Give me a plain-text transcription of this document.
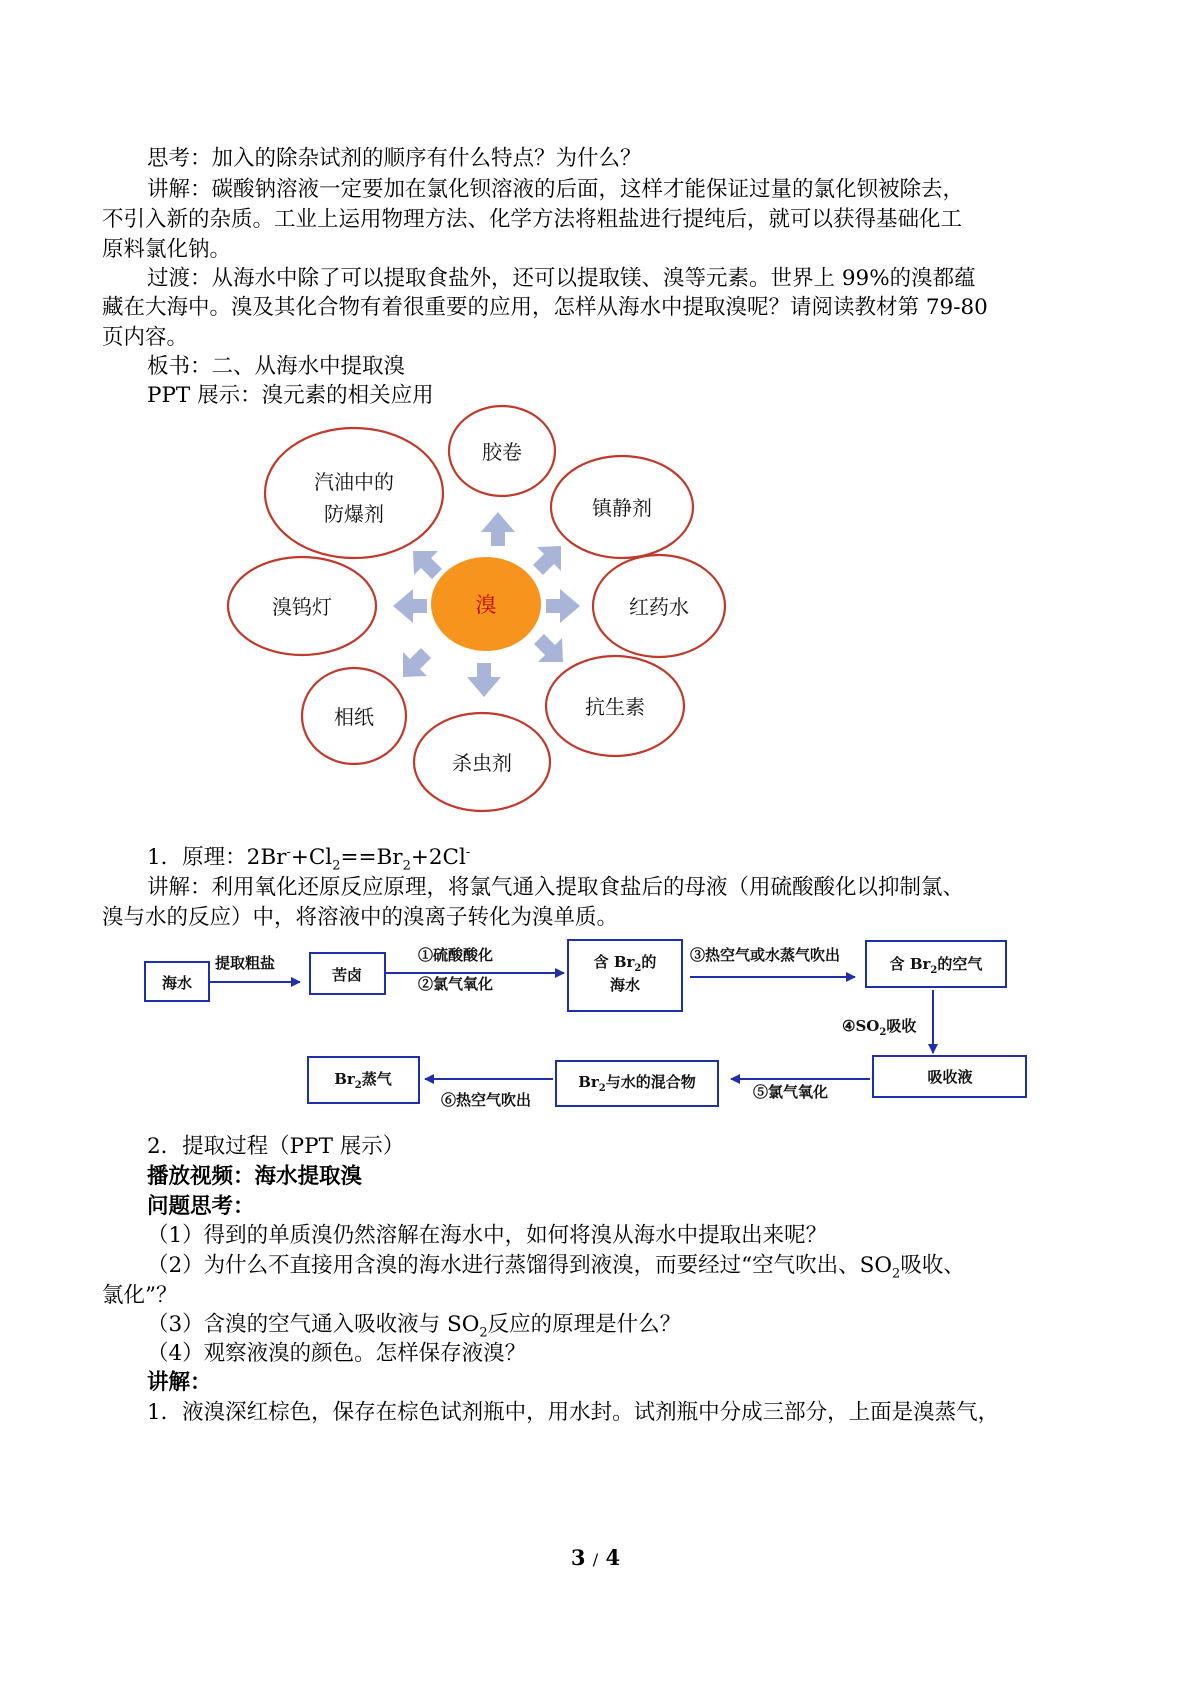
思考：加入的除杂试剂的顺序有什么特点？为什么？
讲解：碳酸钠溶液一定要加在氯化钡溶液的后面，这样才能保证过量的氯化钡被除去，
不引入新的杂质。工业上运用物理方法、化学方法将粗盐进行提纯后，就可以获得基础化工
原料氯化钠。
过渡：从海水中除了可以提取食盐外，还可以提取镁、溴等元素。世界上 99%的溴都蕴
藏在大海中。溴及其化合物有着很重要的应用，怎样从海水中提取溴呢？请阅读教材第 79-80
页内容。
板书：二、从海水中提取溴
PPT 展示：溴元素的相关应用
溴
胶卷
镇静剂
红药水
抗生素
杀虫剂
相纸
溴钨灯
汽油中的
防爆剂
1．原理：$2Br^-+Cl_2==Br_2+2Cl^-$
讲解：利用氧化还原反应原理，将氯气通入提取食盐后的母液（用硫酸酸化以抑制氯、
溴与水的反应）中，将溶液中的溴离子转化为溴单质。
海水	苦卤
含 $Br_2$的
海水
含 $Br_2$的空气
吸收液
$Br_2$与水的混合物
$Br_2$蒸气
提取粗盐	①硫酸酸化
②氯气氧化
③热空气或水蒸气吹出
$④SO_2$吸收
⑤氯气氧化
⑥热空气吹出
2．提取过程（PPT 展示）
播放视频：海水提取溴
问题思考：
（1）得到的单质溴仍然溶解在海水中，如何将溴从海水中提取出来呢？
（2）为什么不直接用含溴的海水进行蒸馏得到液溴，而要经过“空气吹出、$SO_2$吸收、
氯化”？
（3）含溴的空气通入吸收液与 $SO_2$反应的原理是什么？
（4）观察液溴的颜色。怎样保存液溴？
讲解：
1．液溴深红棕色，保存在棕色试剂瓶中，用水封。试剂瓶中分成三部分，上面是溴蒸气，
3 / 4
